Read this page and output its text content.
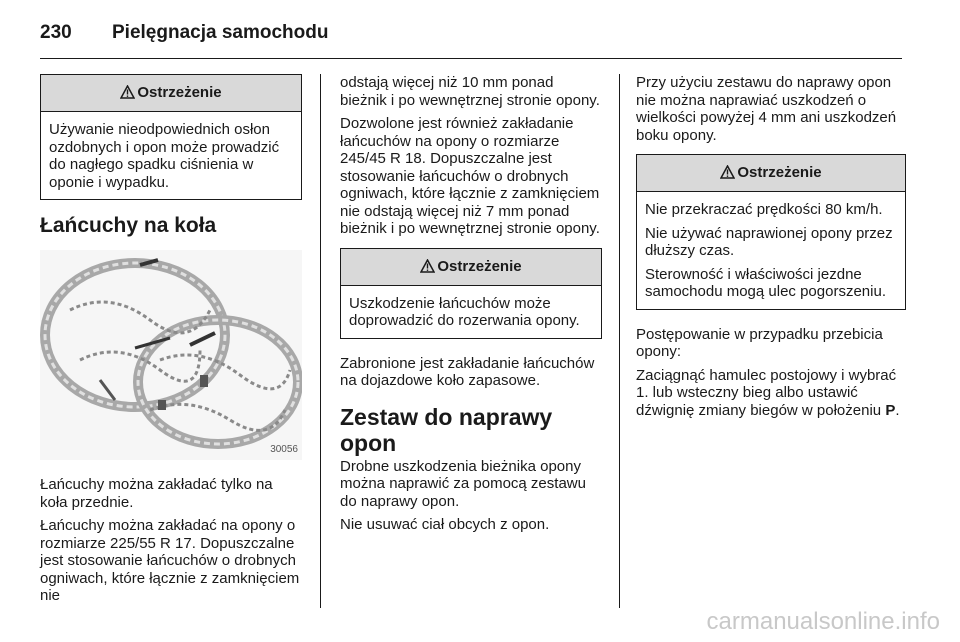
230	Pielęgnacja samochodu
Ostrzeżenie

Używanie nieodpowiednich osłon ozdobnych i opon może prowadzić do nagłego spadku ciśnienia w oponie i wypadku.

Łańcuchy na koła
30056

Łańcuchy można zakładać tylko na koła przednie.

Łańcuchy można zakładać na opony o rozmiarze 225/55 R 17. Dopuszczalne jest stosowanie łańcuchów o drobnych ogniwach, które łącznie z zamknięciem nie

odstają więcej niż 10 mm ponad bieżnik i po wewnętrznej stronie opony.

Dozwolone jest również zakładanie łańcuchów na opony o rozmiarze 245/45 R 18. Dopuszczalne jest stosowanie łańcuchów o drobnych ogniwach, które łącznie z zamknięciem nie odstają więcej niż 7 mm ponad bieżnik i po wewnętrznej stronie opony.

Ostrzeżenie

Uszkodzenie łańcuchów może doprowadzić do rozerwania opony.

Zabronione jest zakładanie łańcuchów na dojazdowe koło zapasowe.

Zestaw do naprawy opon

Drobne uszkodzenia bieżnika opony można naprawić za pomocą zestawu do naprawy opon.

Nie usuwać ciał obcych z opon.

Przy użyciu zestawu do naprawy opon nie można naprawiać uszkodzeń o wielkości powyżej 4 mm ani uszkodzeń boku opony.

Ostrzeżenie

Nie przekraczać prędkości 80 km/h.

Nie używać naprawionej opony przez dłuższy czas.

Sterowność i właściwości jezdne samochodu mogą ulec pogorszeniu.

Postępowanie w przypadku przebicia opony:

Zaciągnąć hamulec postojowy i wybrać 1. lub wsteczny bieg albo ustawić dźwignię zmiany biegów w położeniu P.

carmanualsonline.info
